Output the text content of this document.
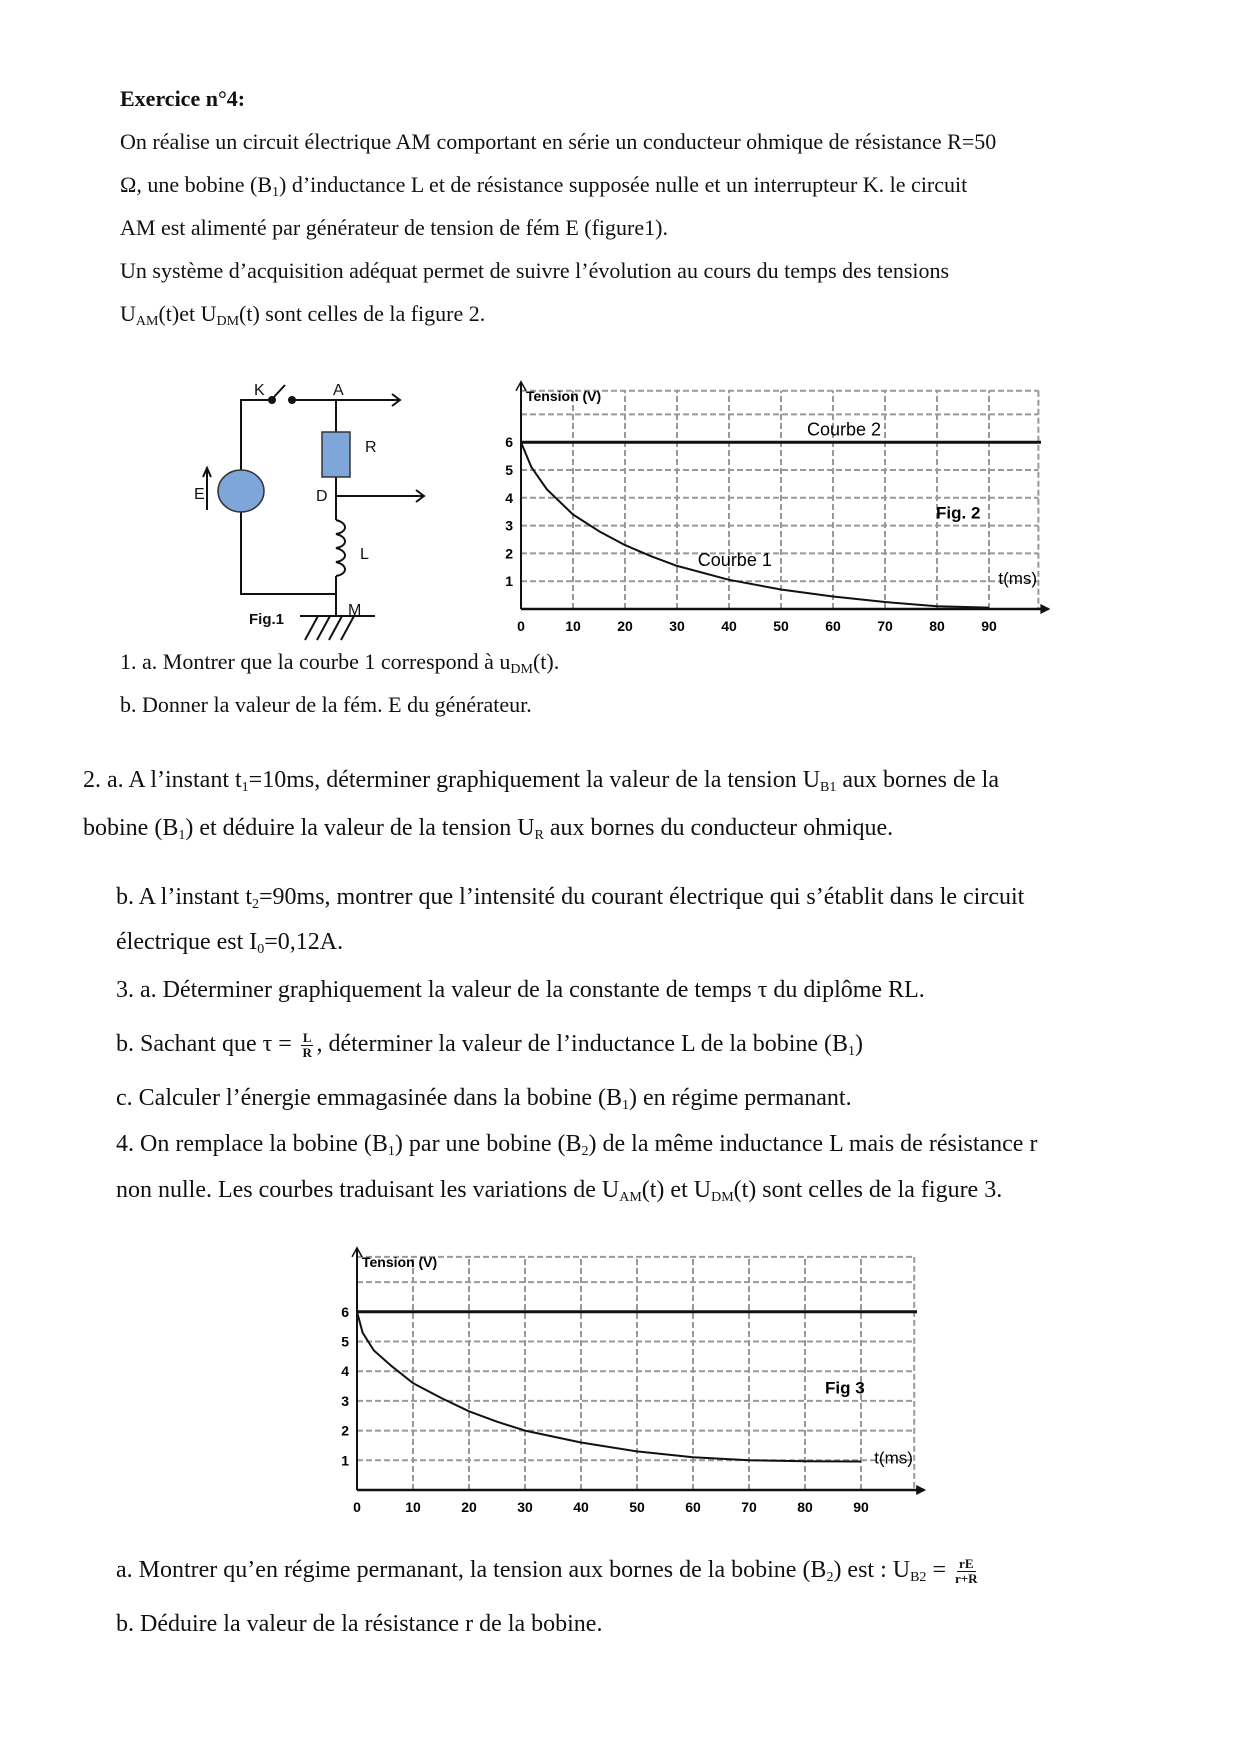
Exercice n°4:
On réalise un circuit électrique AM comportant en série un conducteur ohmique de résistance R=50
Ω, une bobine $(B_1)$ d’inductance L et de résistance supposée nulle et un interrupteur K. le circuit
AM est alimenté par générateur de tension de fém E (figure1).
Un système d’acquisition adéquat permet de suivre l’évolution au cours du temps des tensions
$U_{AM}(t)et$ $U_{DM}(t)$ sont celles de la figure 2.
K	A
R
E	D
L
M
Fig.1	0	10	20	30	40	50	60	70	80	90
1
2
3
4
5
6
Tension (V)
t(ms)
Fig. 2
Courbe 2
Courbe 1
0	10	20	30	40	50	60	70	80	90
1
2
3
4
5
6
Tension (V)
t(ms)
Fig 3
1. a. Montrer que la courbe 1 correspond à $u_{DM}(t)$.
b. Donner la valeur de la fém. E du générateur.
2. a. A l’instant $t_1=10ms$, déterminer graphiquement la valeur de la tension $U_{B1}$ aux bornes de la
bobine $(B_1)$ et déduire la valeur de la tension $U_R$ aux bornes du conducteur ohmique.
b. A l’instant $t_2=90ms$, montrer que l’intensité du courant électrique qui s’établit dans le circuit
électrique est $I_0=0,12A$.
3. a. Déterminer graphiquement la valeur de la constante de temps τ du diplôme RL.
b. Sachant que $\tau = \frac{L}{R}$ , déterminer la valeur de l’inductance L de la bobine $(B_1)$
c. Calculer l’énergie emmagasinée dans la bobine $(B_1)$ en régime permanant.
4. On remplace la bobine $(B_1)$ par une bobine $(B_2)$ de la même inductance L mais de résistance r
non nulle. Les courbes traduisant les variations de $U_{AM}(t)$ et $U_{DM}(t)$ sont celles de la figure 3.
a. Montrer qu’en régime permanant, la tension aux bornes de la bobine $(B_2)$ est : $U_{B2} = \frac{rE}{r+R}$
b. Déduire la valeur de la résistance r de la bobine.
